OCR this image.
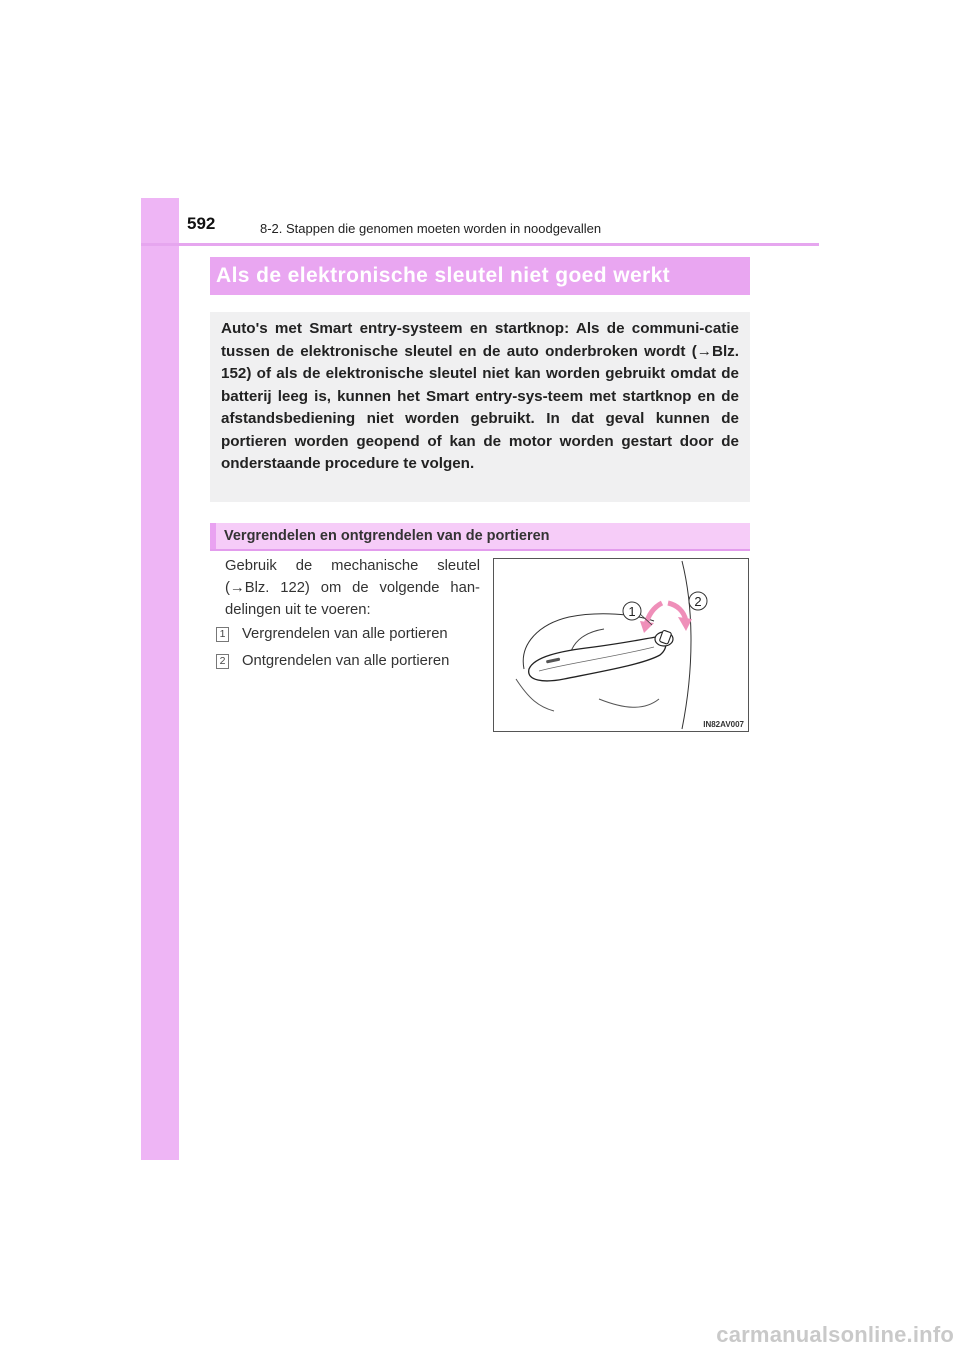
592	8-2. Stappen die genomen moeten worden in noodgevallen
Als de elektronische sleutel niet goed werkt

Auto's met Smart entry-systeem en startknop: Als de communi-catie tussen de elektronische sleutel en de auto onderbroken wordt (→Blz. 152) of als de elektronische sleutel niet kan worden gebruikt omdat de batterij leeg is, kunnen het Smart entry-sys-teem met startknop en de afstandsbediening niet worden gebruikt. In dat geval kunnen de portieren worden geopend of kan de motor worden gestart door de onderstaande procedure te volgen.

Vergrendelen en ontgrendelen van de portieren
Gebruik de mechanische sleutel (→Blz. 122) om de volgende han-delingen uit te voeren:
1 Vergrendelen van alle portieren
2 Ontgrendelen van alle portieren
1
2
IN82AV007
carmanualsonline.info
